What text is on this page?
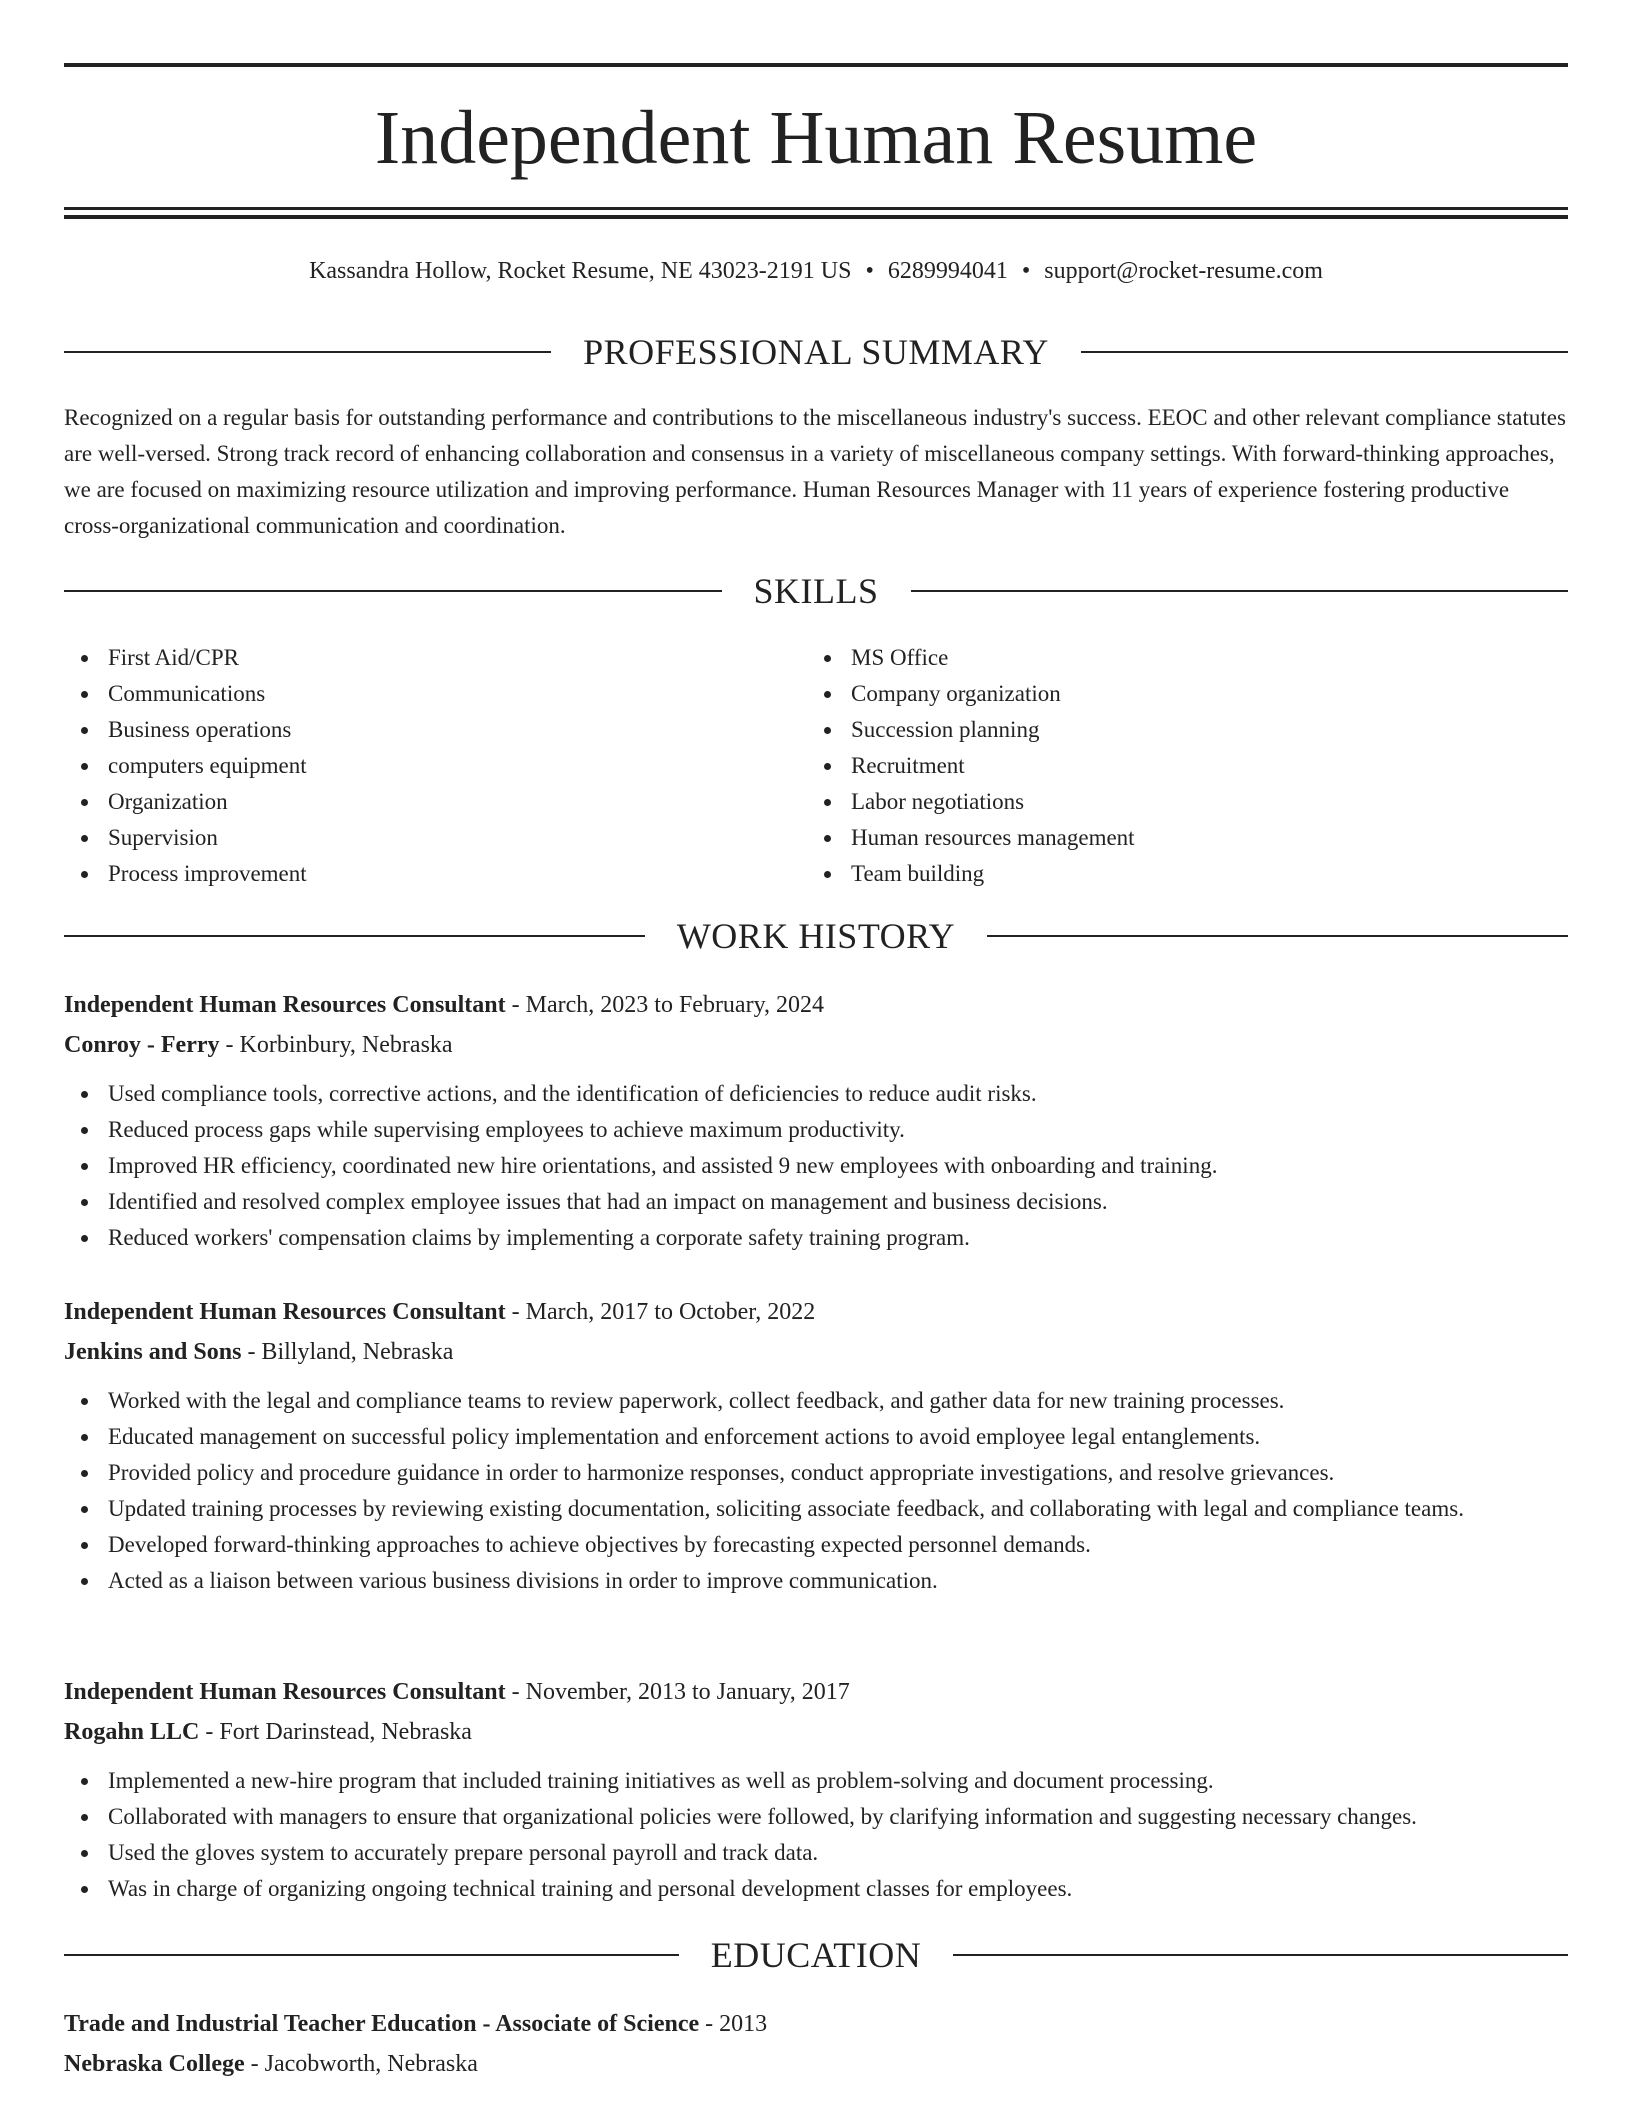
Independent Human Resume
Kassandra Hollow, Rocket Resume, NE 43023-2191 US • 6289994041 • support@rocket-resume.com
PROFESSIONAL SUMMARY

Recognized on a regular basis for outstanding performance and contributions to the miscellaneous industry's success. EEOC and other relevant compliance statutes are well-versed. Strong track record of enhancing collaboration and consensus in a variety of miscellaneous company settings. With forward-thinking approaches, we are focused on maximizing resource utilization and improving performance. Human Resources Manager with 11 years of experience fostering productive cross-organizational communication and coordination.

SKILLS
First Aid/CPR
Communications
Business operations
computers equipment
Organization
Supervision
Process improvement
MS Office
Company organization
Succession planning
Recruitment
Labor negotiations
Human resources management
Team building
WORK HISTORY

Independent Human Resources Consultant - March, 2023 to February, 2024

Conroy - Ferry - Korbinbury, Nebraska

Used compliance tools, corrective actions, and the identification of deficiencies to reduce audit risks.
Reduced process gaps while supervising employees to achieve maximum productivity.
Improved HR efficiency, coordinated new hire orientations, and assisted 9 new employees with onboarding and training.
Identified and resolved complex employee issues that had an impact on management and business decisions.
Reduced workers' compensation claims by implementing a corporate safety training program.

Independent Human Resources Consultant - March, 2017 to October, 2022

Jenkins and Sons - Billyland, Nebraska

Worked with the legal and compliance teams to review paperwork, collect feedback, and gather data for new training processes.
Educated management on successful policy implementation and enforcement actions to avoid employee legal entanglements.
Provided policy and procedure guidance in order to harmonize responses, conduct appropriate investigations, and resolve grievances.
Updated training processes by reviewing existing documentation, soliciting associate feedback, and collaborating with legal and compliance teams.
Developed forward-thinking approaches to achieve objectives by forecasting expected personnel demands.
Acted as a liaison between various business divisions in order to improve communication.

Independent Human Resources Consultant - November, 2013 to January, 2017

Rogahn LLC - Fort Darinstead, Nebraska

Implemented a new-hire program that included training initiatives as well as problem-solving and document processing.
Collaborated with managers to ensure that organizational policies were followed, by clarifying information and suggesting necessary changes.
Used the gloves system to accurately prepare personal payroll and track data.
Was in charge of organizing ongoing technical training and personal development classes for employees.
EDUCATION

Trade and Industrial Teacher Education - Associate of Science - 2013

Nebraska College - Jacobworth, Nebraska
